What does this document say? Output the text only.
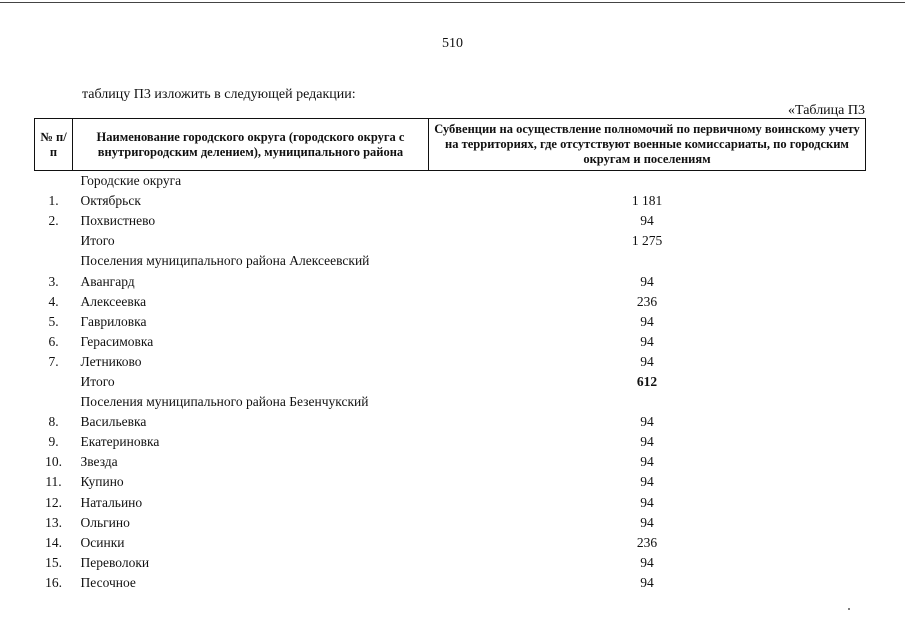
510
таблицу П3 изложить в следующей редакции:
«Таблица П3
№ п/п	Наименование городского округа (городского округа с внутригородским делением), муниципального района	Субвенции на осуществление полномочий по первичному воинскому учету на территориях, где отсутствуют военные комиссариаты, по городским округам и поселениям
	Городские округа	
1.	Октябрьск	1 181
2.	Похвистнево	94
	Итого	1 275
	Поселения муниципального района Алексеевский	
3.	Авангард	94
4.	Алексеевка	236
5.	Гавриловка	94
6.	Герасимовка	94
7.	Летниково	94
	Итого	612
	Поселения муниципального района Безенчукский	
8.	Васильевка	94
9.	Екатериновка	94
10.	Звезда	94
11.	Купино	94
12.	Натальино	94
13.	Ольгино	94
14.	Осинки	236
15.	Переволоки	94
16.	Песочное	94
